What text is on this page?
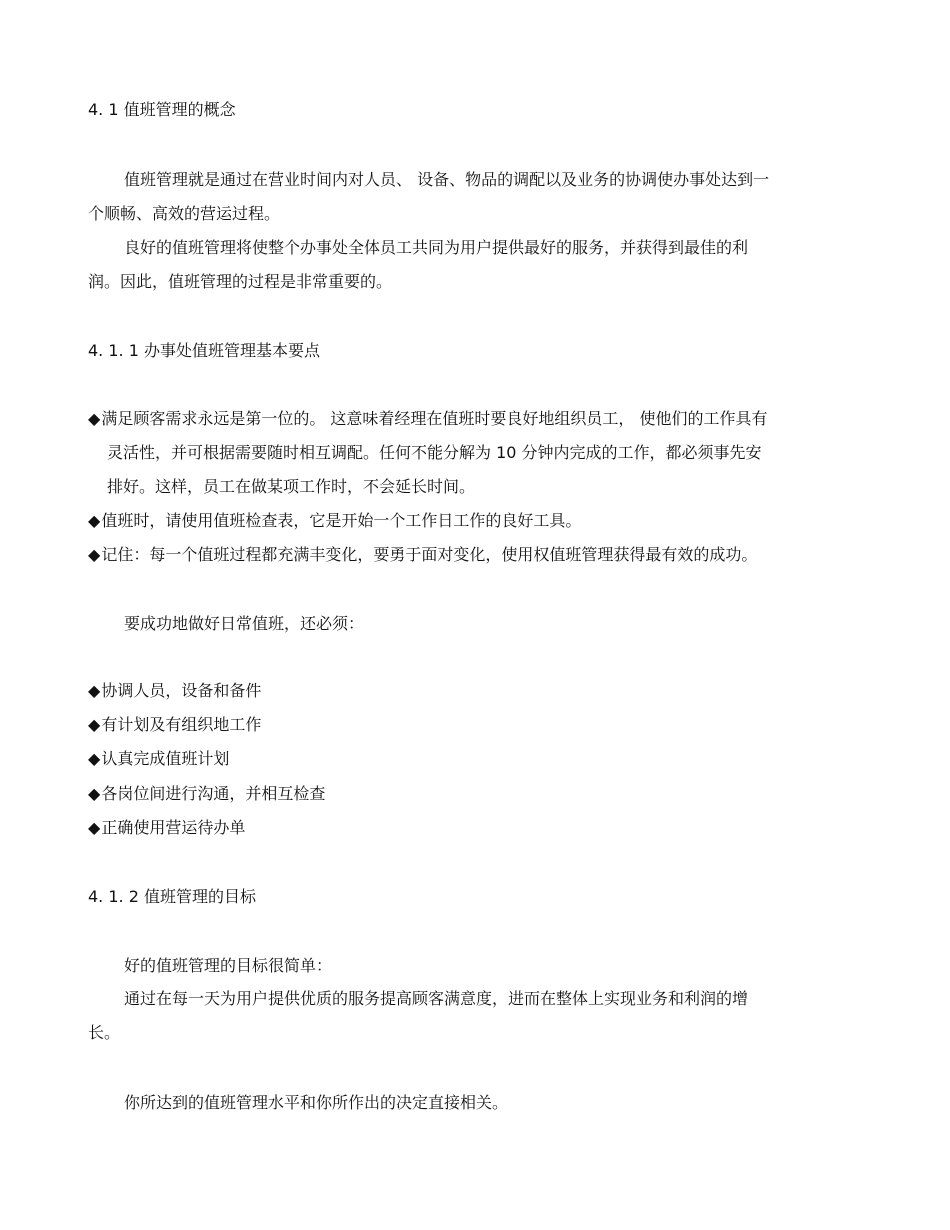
4. 1 值班管理的概念
值班管理就是通过在营业时间内对人员、 设备、物品的调配以及业务的协调使办事处达到一
个顺畅、高效的营运过程。
良好的值班管理将使整个办事处全体员工共同为用户提供最好的服务，并获得到最佳的利
润。因此，值班管理的过程是非常重要的。
4. 1. 1 办事处值班管理基本要点
◆满足顾客需求永远是第一位的。 这意味着经理在值班时要良好地组织员工， 使他们的工作具有
灵活性，并可根据需要随时相互调配。任何不能分解为 10 分钟内完成的工作，都必须事先安
排好。这样，员工在做某项工作时，不会延长时间。
◆值班时，请使用值班检查表，它是开始一个工作日工作的良好工具。
◆记住：每一个值班过程都充满丰变化，要勇于面对变化，使用权值班管理获得最有效的成功。
要成功地做好日常值班，还必须：
◆协调人员，设备和备件
◆有计划及有组织地工作
◆认真完成值班计划
◆各岗位间进行沟通，并相互检查
◆正确使用营运待办单
4. 1. 2 值班管理的目标
好的值班管理的目标很简单：
通过在每一天为用户提供优质的服务提高顾客满意度，进而在整体上实现业务和利润的增
长。
你所达到的值班管理水平和你所作出的决定直接相关。
